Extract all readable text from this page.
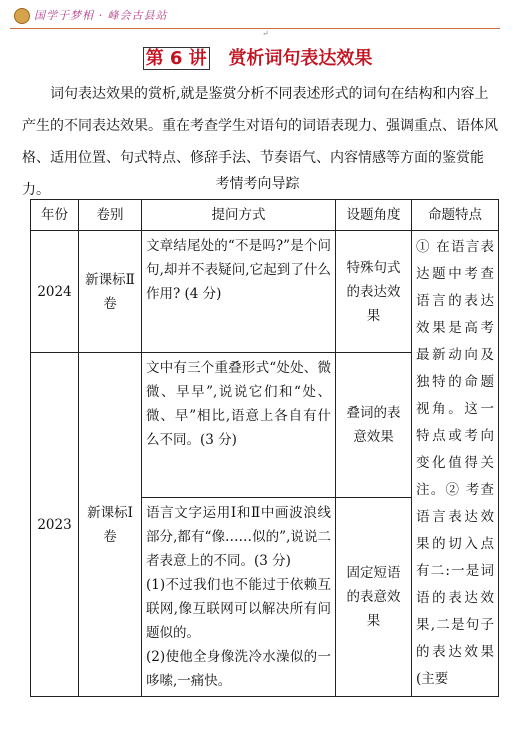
国学于梦相 · 峰会古县站
↵
第 6 讲 赏析词句表达效果

词句表达效果的赏析,就是鉴赏分析不同表述形式的词句在结构和内容上产生的不同表达效果。重在考查学生对语句的词语表现力、强调重点、语体风格、适用位置、句式特点、修辞手法、节奏语气、内容情感等方面的鉴赏能力。	考情考向导踪
年份	卷别	提问方式	设题角度	命题特点
2024	新课标Ⅱ卷	文章结尾处的“不是吗?”是个问句,却并不表疑问,它起到了什么作用? (4 分)	特殊句式的表达效果	① 在语言表达题中考查语言的表达效果是高考最新动向及独特的命题视角。这一特点或考向变化值得关注。② 考查语言表达效果的切入点有二:一是词语的表达效果,二是句子的表达效果(主要
2023	新课标Ⅰ卷	文中有三个重叠形式“处处、微微、早早”,说说它们和“处、微、早”相比,语意上各自有什么不同。(3 分)	叠词的表意效果	

		语言文字运用Ⅰ和Ⅱ中画波浪线部分,都有“像……似的”,说说二者表意上的不同。(3 分)
(1)不过我们也不能过于依赖互联网,像互联网可以解决所有问题似的。
(2)使他全身像洗冷水澡似的一哆嗦,一痛快。	固定短语的表意效果	
